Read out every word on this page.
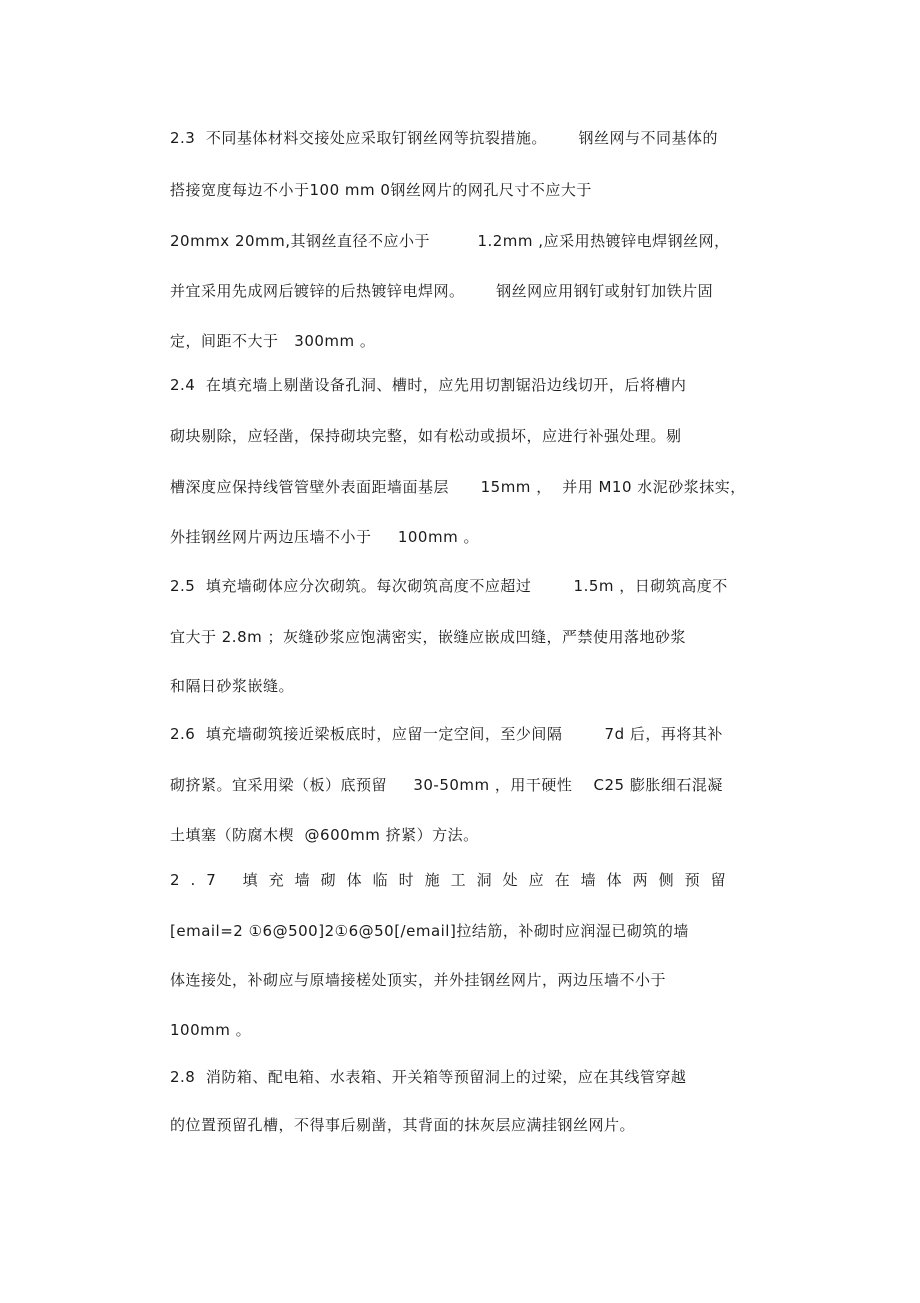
2.3  不同基体材料交接处应采取钉钢丝网等抗裂措施。      钢丝网与不同基体的
搭接宽度每边不小于100 mm 0钢丝网片的网孔尺寸不应大于
20mmx 20mm,其钢丝直径不应小于         1.2mm ,应采用热镀锌电焊钢丝网，
并宜采用先成网后镀锌的后热镀锌电焊网。      钢丝网应用钢钉或射钉加铁片固
定，间距不大于   300mm 。
2.4  在填充墙上剔凿设备孔洞、槽时，应先用切割锯沿边线切开，后将槽内
砌块剔除，应轻凿，保持砌块完整，如有松动或损坏，应进行补强处理。剔
槽深度应保持线管管壁外表面距墙面基层      15mm ，  并用 M10 水泥砂浆抹实，
外挂钢丝网片两边压墙不小于     100mm 。
2.5  填充墙砌体应分次砌筑。每次砌筑高度不应超过        1.5m ，日砌筑高度不
宜大于 2.8m ；灰缝砂浆应饱满密实，嵌缝应嵌成凹缝，严禁使用落地砂浆
和隔日砂浆嵌缝。
2.6  填充墙砌筑接近梁板底时，应留一定空间，至少间隔        7d 后，再将其补
砌挤紧。宜采用梁（板）底预留     30-50mm ，用干硬性    C25 膨胀细石混凝
土填塞（防腐木楔  @600mm 挤紧）方法。
2.7 填充墙砌体临时施工洞处应在墙体两侧预留
[email=2 ①6@500]2①6@50[/email]拉结筋，补砌时应润湿已砌筑的墙
体连接处，补砌应与原墙接槎处顶实，并外挂钢丝网片，两边压墙不小于
100mm 。
2.8  消防箱、配电箱、水表箱、开关箱等预留洞上的过梁，应在其线管穿越
的位置预留孔槽，不得事后剔凿，其背面的抹灰层应满挂钢丝网片。
